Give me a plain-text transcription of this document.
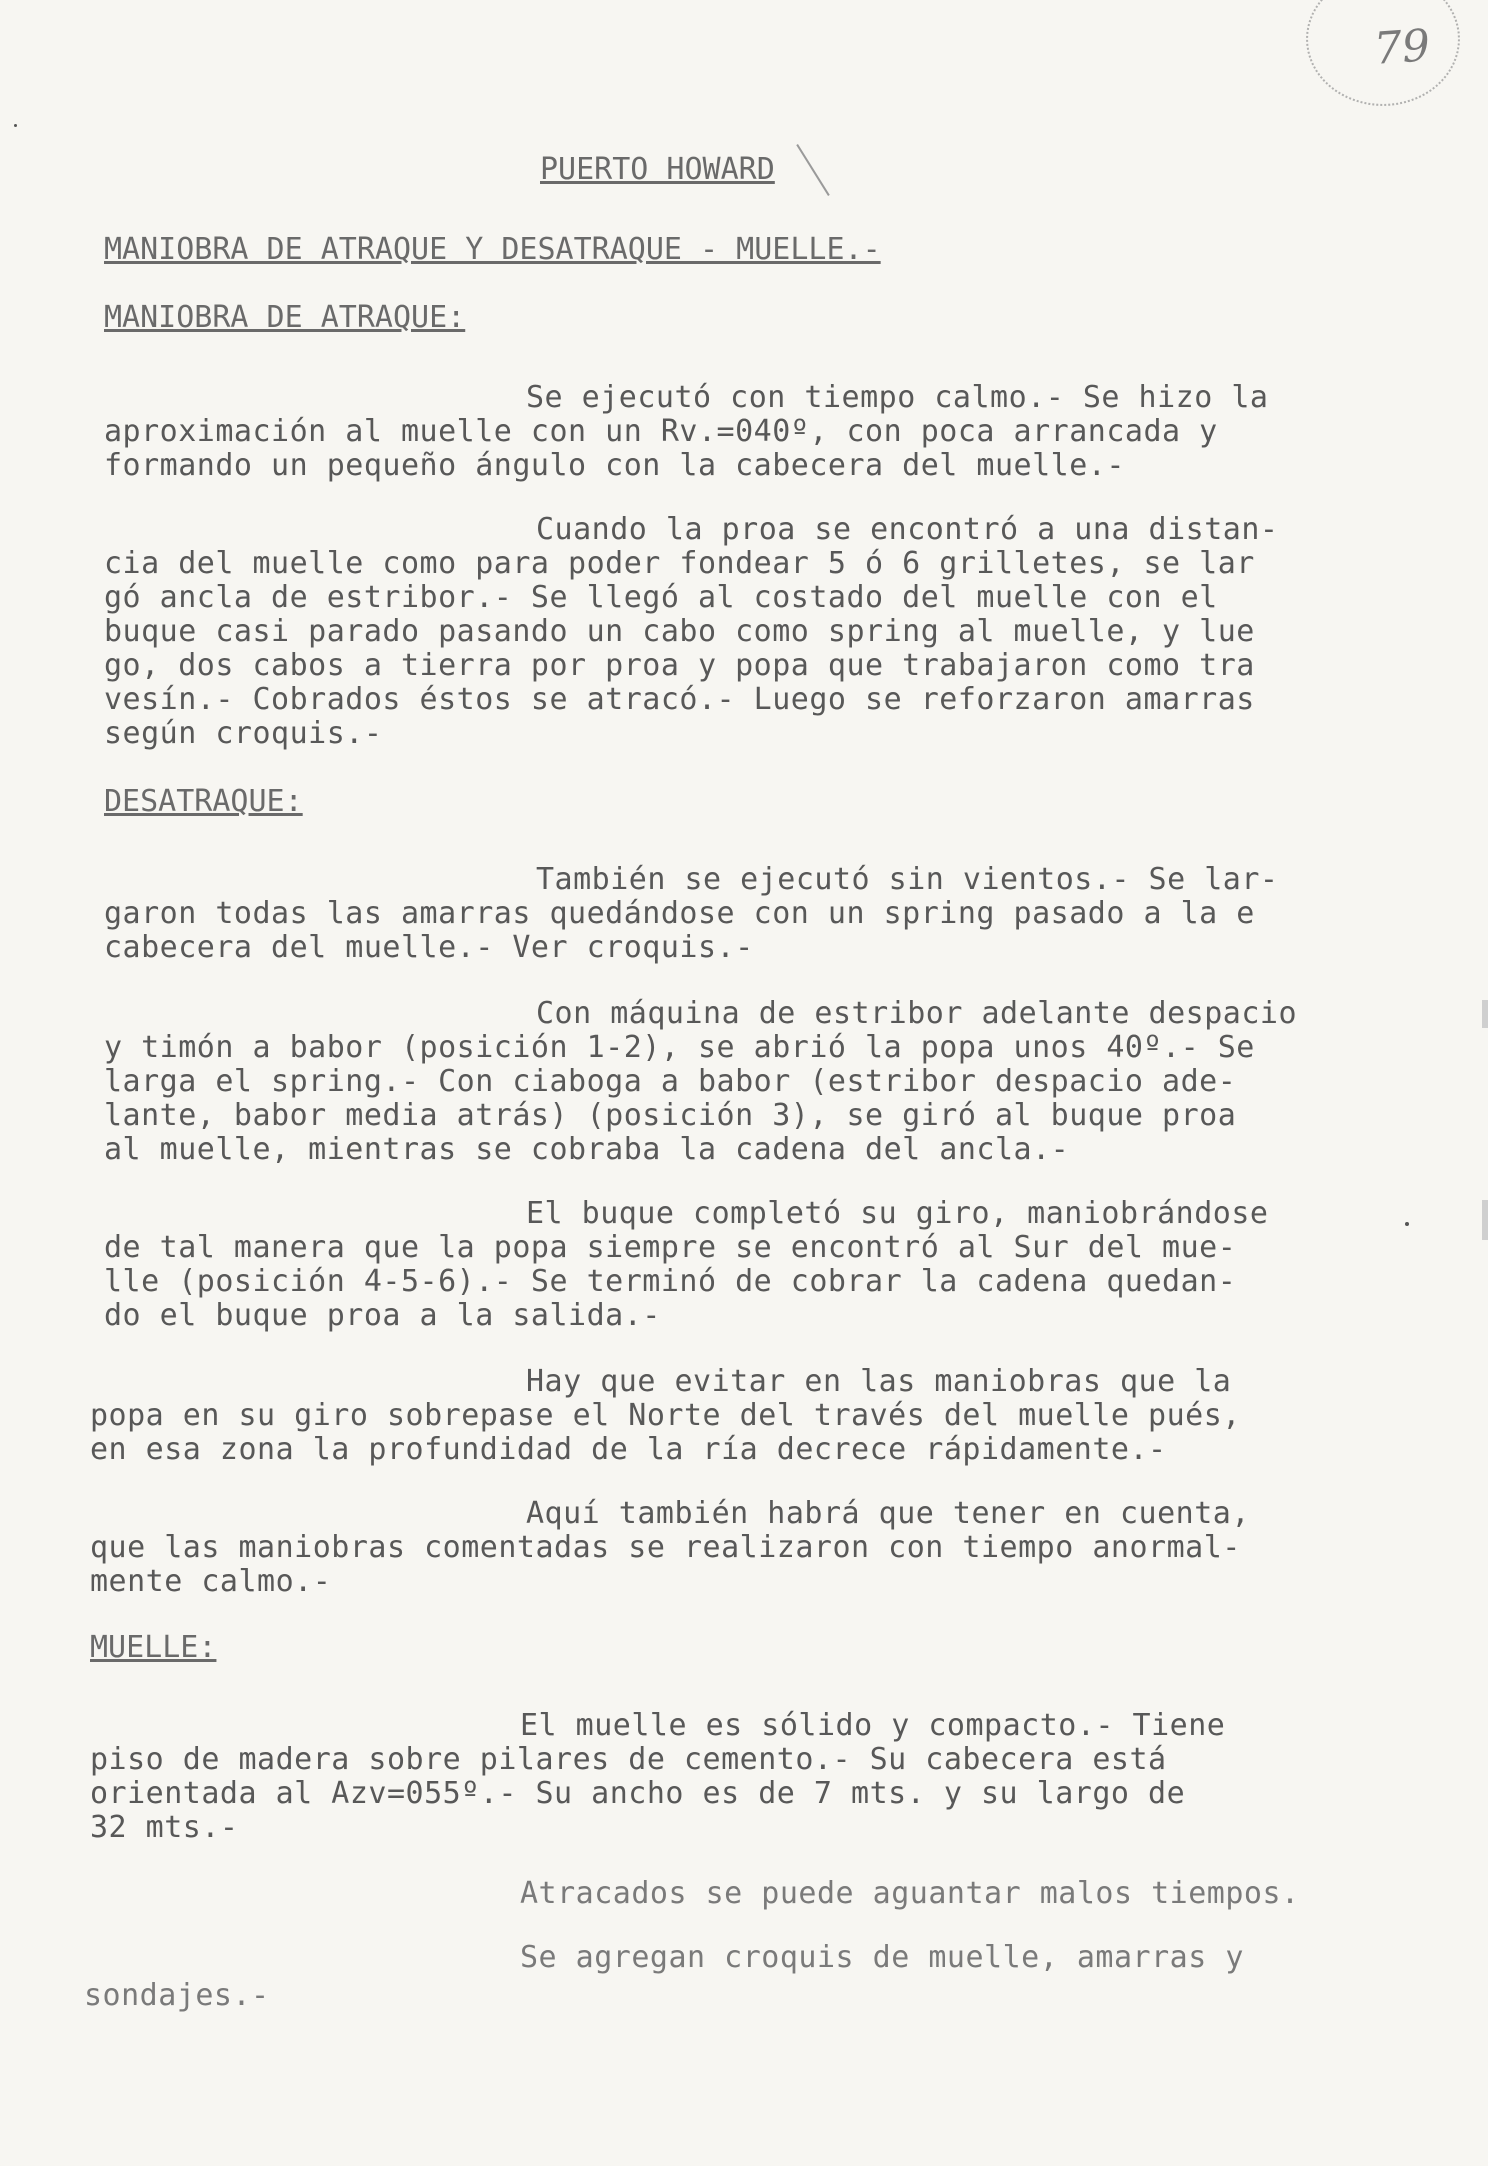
79
PUERTO HOWARD
MANIOBRA DE ATRAQUE Y DESATRAQUE - MUELLE.-
MANIOBRA DE ATRAQUE:
Se ejecutó con tiempo calmo.- Se hizo la
aproximación al muelle con un Rv.=040º, con poca arrancada y
formando un pequeño ángulo con la cabecera del muelle.-
Cuando la proa se encontró a una distan-
cia del muelle como para poder fondear 5 ó 6 grilletes, se lar
gó ancla de estribor.- Se llegó al costado del muelle con el
buque casi parado pasando un cabo como spring al muelle, y lue
go, dos cabos a tierra por proa y popa que trabajaron como tra
vesín.- Cobrados éstos se atracó.- Luego se reforzaron amarras
según croquis.-
DESATRAQUE:
También se ejecutó sin vientos.- Se lar-
garon todas las amarras quedándose con un spring pasado a la e
cabecera del muelle.- Ver croquis.-
Con máquina de estribor adelante despacio
y timón a babor (posición 1-2), se abrió la popa unos 40º.- Se
larga el spring.- Con ciaboga a babor (estribor despacio ade-
lante, babor media atrás) (posición 3), se giró al buque proa
al muelle, mientras se cobraba la cadena del ancla.-
El buque completó su giro, maniobrándose
de tal manera que la popa siempre se encontró al Sur del mue-
lle (posición 4-5-6).- Se terminó de cobrar la cadena quedan-
do el buque proa a la salida.-
Hay que evitar en las maniobras que la
popa en su giro sobrepase el Norte del través del muelle pués,
en esa zona la profundidad de la ría decrece rápidamente.-
Aquí también habrá que tener en cuenta,
que las maniobras comentadas se realizaron con tiempo anormal-
mente calmo.-
MUELLE:
El muelle es sólido y compacto.- Tiene
piso de madera sobre pilares de cemento.- Su cabecera está
orientada al Azv=055º.- Su ancho es de 7 mts. y su largo de
32 mts.-
Atracados se puede aguantar malos tiempos.
Se agregan croquis de muelle, amarras y
sondajes.-
